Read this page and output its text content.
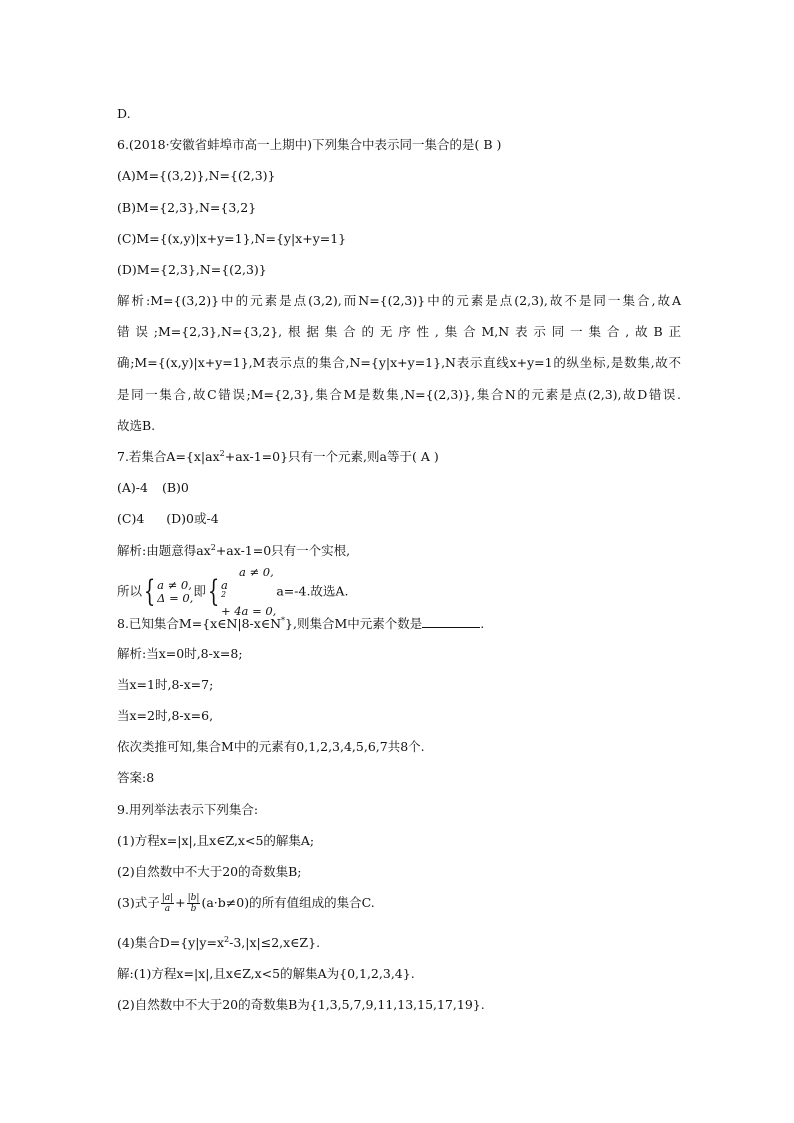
D.
6.(2018·安徽省蚌埠市高一上期中)下列集合中表示同一集合的是( B )
(A)M={(3,2)},N={(2,3)}
(B)M={2,3},N={3,2}
(C)M={(x,y)|x+y=1},N={y|x+y=1}
(D)M={2,3},N={(2,3)}
解析:M={(3,2)}中的元素是点(3,2),而N={(2,3)}中的元素是点(2,3),故不是同一集合,故A
错误;M={2,3},N={3,2},根据集合的无序性,集合M,N表示同一集合,故B正
确;M={(x,y)|x+y=1},M表示点的集合,N={y|x+y=1},N表示直线x+y=1的纵坐标,是数集,故不
是同一集合,故C错误;M={2,3},集合M是数集,N={(2,3)},集合N的元素是点(2,3),故D错误.
故选B.
7.若集合$A=\{x|ax^2+ax-1=0\}$只有一个元素,则a等于( A )
(A)-4 (B)0
(C)4 (D)0或-4
解析:由题意得$ax^2+ax-1=0$只有一个实根,
所以{ a ≠ 0,
Δ = 0, 即{
a ≠ 0,
a
$^2$
+ 4a = 0,
a=-4.故选A.
8.已知集合M={x∈N|8-x∈N*},则集合M中元素个数是	.
解析:当x=0时,8-x=8;
当x=1时,8-x=7;
当x=2时,8-x=6,
依次类推可知,集合M中的元素有0,1,2,3,4,5,6,7共8个.
答案:8
9.用列举法表示下列集合:
(1)方程x=|x|,且x∈Z,x<5的解集A;
(2)自然数中不大于20的奇数集B;
(3)式子 $\frac{|a|}{a} + \frac{|b|}{b} (a\cdot b\ne 0)$的所有值组成的集合C.
(4)集合$D=\{y|y=x^2-3,|x|\le 2,x\in Z\}$.
解:(1)方程x=|x|,且x∈Z,x<5的解集A为{0,1,2,3,4}.
(2)自然数中不大于20的奇数集B为{1,3,5,7,9,11,13,15,17,19}.
